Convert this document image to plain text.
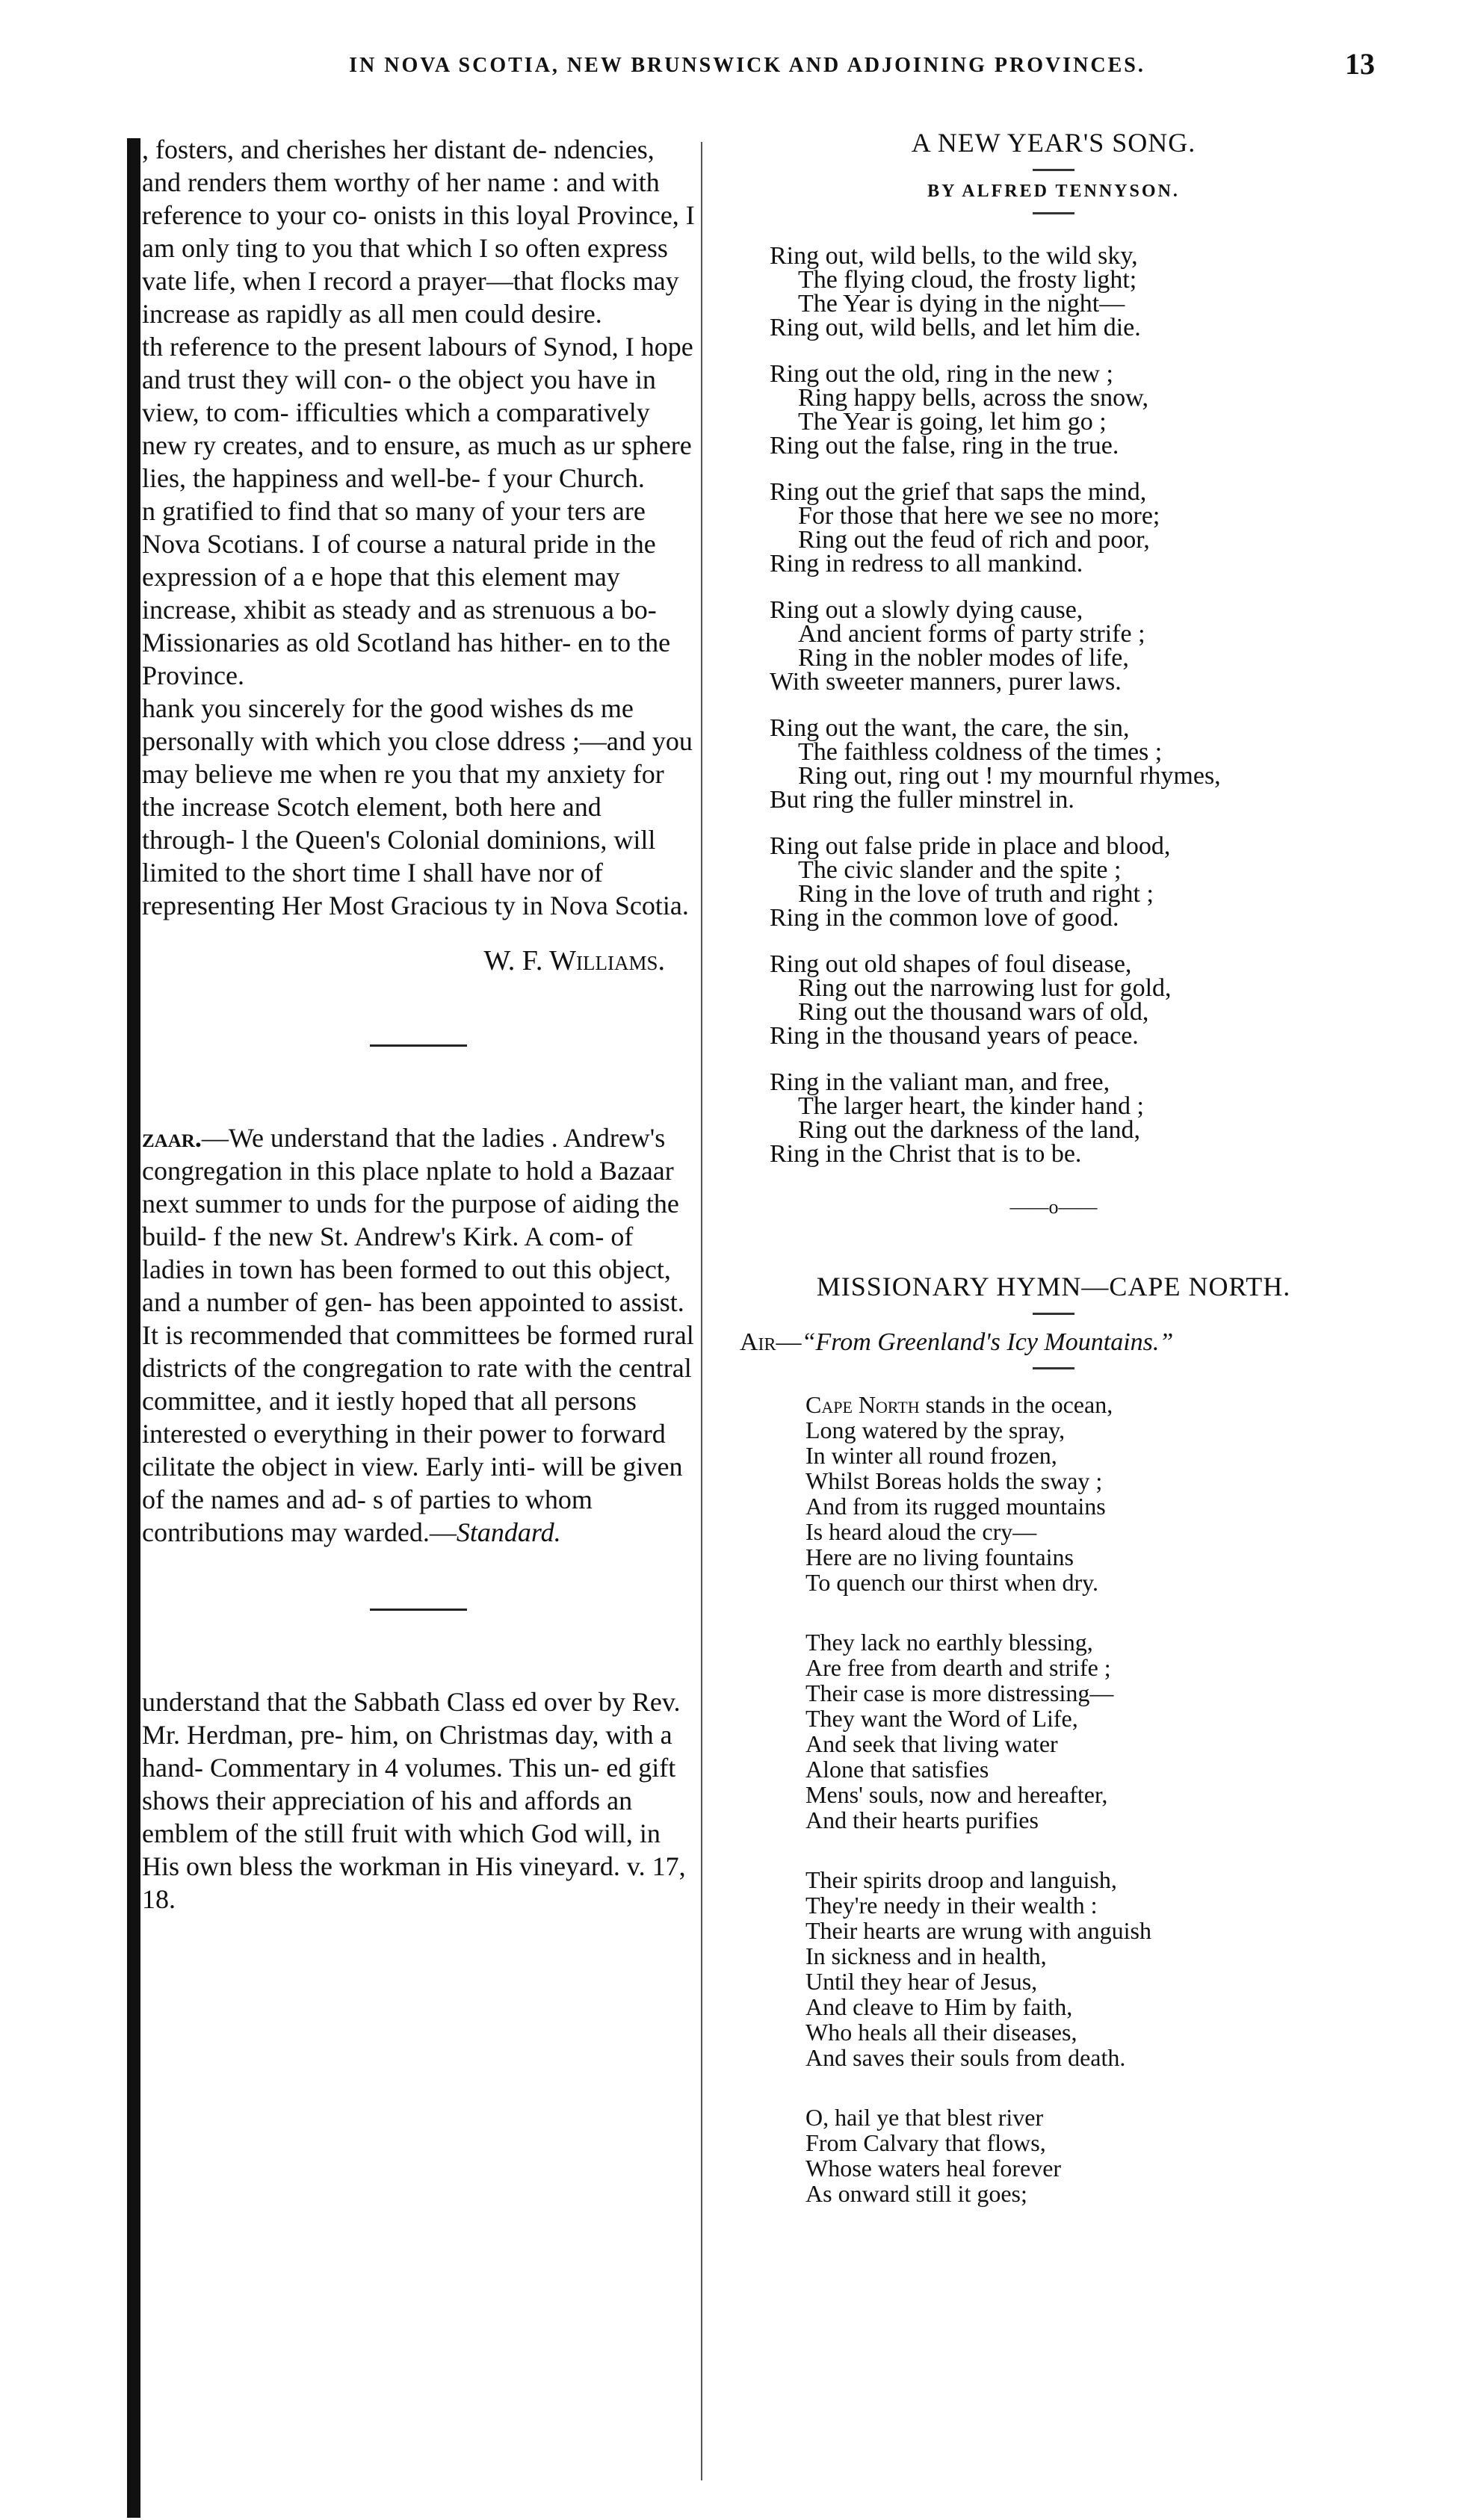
IN NOVA SCOTIA, NEW BRUNSWICK AND ADJOINING PROVINCES.	13

, fosters, and cherishes her distant de- ndencies, and renders them worthy of her name : and with reference to your co- onists in this loyal Province, I am only ting to you that which I so often express vate life, when I record a prayer—that flocks may increase as rapidly as all men could desire.

th reference to the present labours of Synod, I hope and trust they will con- o the object you have in view, to com- ifficulties which a comparatively new ry creates, and to ensure, as much as ur sphere lies, the happiness and well-be- f your Church.

n gratified to find that so many of your ters are Nova Scotians. I of course a natural pride in the expression of a e hope that this element may increase, xhibit as steady and as strenuous a bo- Missionaries as old Scotland has hither- en to the Province.

hank you sincerely for the good wishes ds me personally with which you close ddress ;—and you may believe me when re you that my anxiety for the increase Scotch element, both here and through- l the Queen's Colonial dominions, will limited to the short time I shall have nor of representing Her Most Gracious ty in Nova Scotia.

W. F. Williams.

zaar.—We understand that the ladies . Andrew's congregation in this place nplate to hold a Bazaar next summer to unds for the purpose of aiding the build- f the new St. Andrew's Kirk. A com- of ladies in town has been formed to out this object, and a number of gen- has been appointed to assist. It is recommended that committees be formed rural districts of the congregation to rate with the central committee, and it iestly hoped that all persons interested o everything in their power to forward cilitate the object in view. Early inti- will be given of the names and ad- s of parties to whom contributions may warded.—Standard.

understand that the Sabbath Class ed over by Rev. Mr. Herdman, pre- him, on Christmas day, with a hand- Commentary in 4 volumes. This un- ed gift shows their appreciation of his and affords an emblem of the still fruit with which God will, in His own bless the workman in His vineyard. v. 17, 18.

A NEW YEAR'S SONG.

BY ALFRED TENNYSON.

Ring out, wild bells, to the wild sky,
The flying cloud, the frosty light;
The Year is dying in the night—
Ring out, wild bells, and let him die.
Ring out the old, ring in the new ;
Ring happy bells, across the snow,
The Year is going, let him go ;
Ring out the false, ring in the true.
Ring out the grief that saps the mind,
For those that here we see no more;
Ring out the feud of rich and poor,
Ring in redress to all mankind.
Ring out a slowly dying cause,
And ancient forms of party strife ;
Ring in the nobler modes of life,
With sweeter manners, purer laws.
Ring out the want, the care, the sin,
The faithless coldness of the times ;
Ring out, ring out ! my mournful rhymes,
But ring the fuller minstrel in.
Ring out false pride in place and blood,
The civic slander and the spite ;
Ring in the love of truth and right ;
Ring in the common love of good.
Ring out old shapes of foul disease,
Ring out the narrowing lust for gold,
Ring out the thousand wars of old,
Ring in the thousand years of peace.
Ring in the valiant man, and free,
The larger heart, the kinder hand ;
Ring out the darkness of the land,
Ring in the Christ that is to be.

——o——

MISSIONARY HYMN—CAPE NORTH.

Air—“From Greenland's Icy Mountains.”

Cape North stands in the ocean,
Long watered by the spray,
In winter all round frozen,
Whilst Boreas holds the sway ;
And from its rugged mountains
Is heard aloud the cry—
Here are no living fountains
To quench our thirst when dry.
They lack no earthly blessing,
Are free from dearth and strife ;
Their case is more distressing—
They want the Word of Life,
And seek that living water
Alone that satisfies
Mens' souls, now and hereafter,
And their hearts purifies
Their spirits droop and languish,
They're needy in their wealth :
Their hearts are wrung with anguish
In sickness and in health,
Until they hear of Jesus,
And cleave to Him by faith,
Who heals all their diseases,
And saves their souls from death.
O, hail ye that blest river
From Calvary that flows,
Whose waters heal forever
As onward still it goes;
